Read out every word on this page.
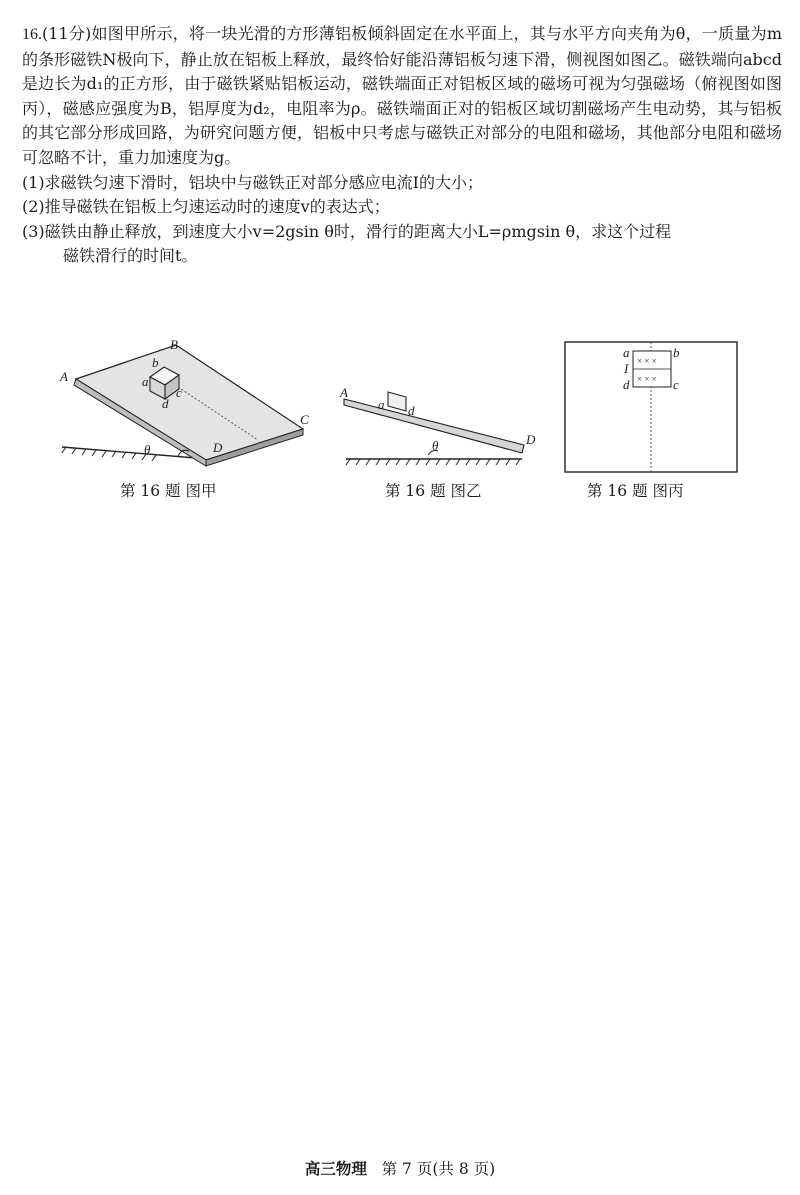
16.(11分)如图甲所示，将一块光滑的方形薄铝板倾斜固定在水平面上，其与水平方向夹角为θ，一质量为m的条形磁铁N极向下，静止放在铝板上释放，最终恰好能沿薄铝板匀速下滑，侧视图如图乙。磁铁端向abcd是边长为d₁的正方形，由于磁铁紧贴铝板运动，磁铁端面正对铝板区域的磁场可视为匀强磁场（俯视图如图丙），磁感应强度为B，铝厚度为d₂，电阻率为ρ。磁铁端面正对的铝板区域切割磁场产生电动势，其与铝板的其它部分形成回路，为研究问题方便，铝板中只考虑与磁铁正对部分的电阻和磁场，其他部分电阻和磁场可忽略不计，重力加速度为g。

(1)求磁铁匀速下滑时，铝块中与磁铁正对部分感应电流I的大小；

(2)推导磁铁在铝板上匀速运动时的速度v的表达式；

(3)磁铁由静止释放，到速度大小v=2gsin θ时，滑行的距离大小L=ρmgsin θ，求这个过程

磁铁滑行的时间t。

A
B
C
D
a
b
c
d
θ
第 16 题 图甲
A
D
a d
θ
第 16 题 图乙
× × ×
× × ×
a	b
c
d
I
第 16 题 图丙
高三物理 第 7 页(共 8 页)
